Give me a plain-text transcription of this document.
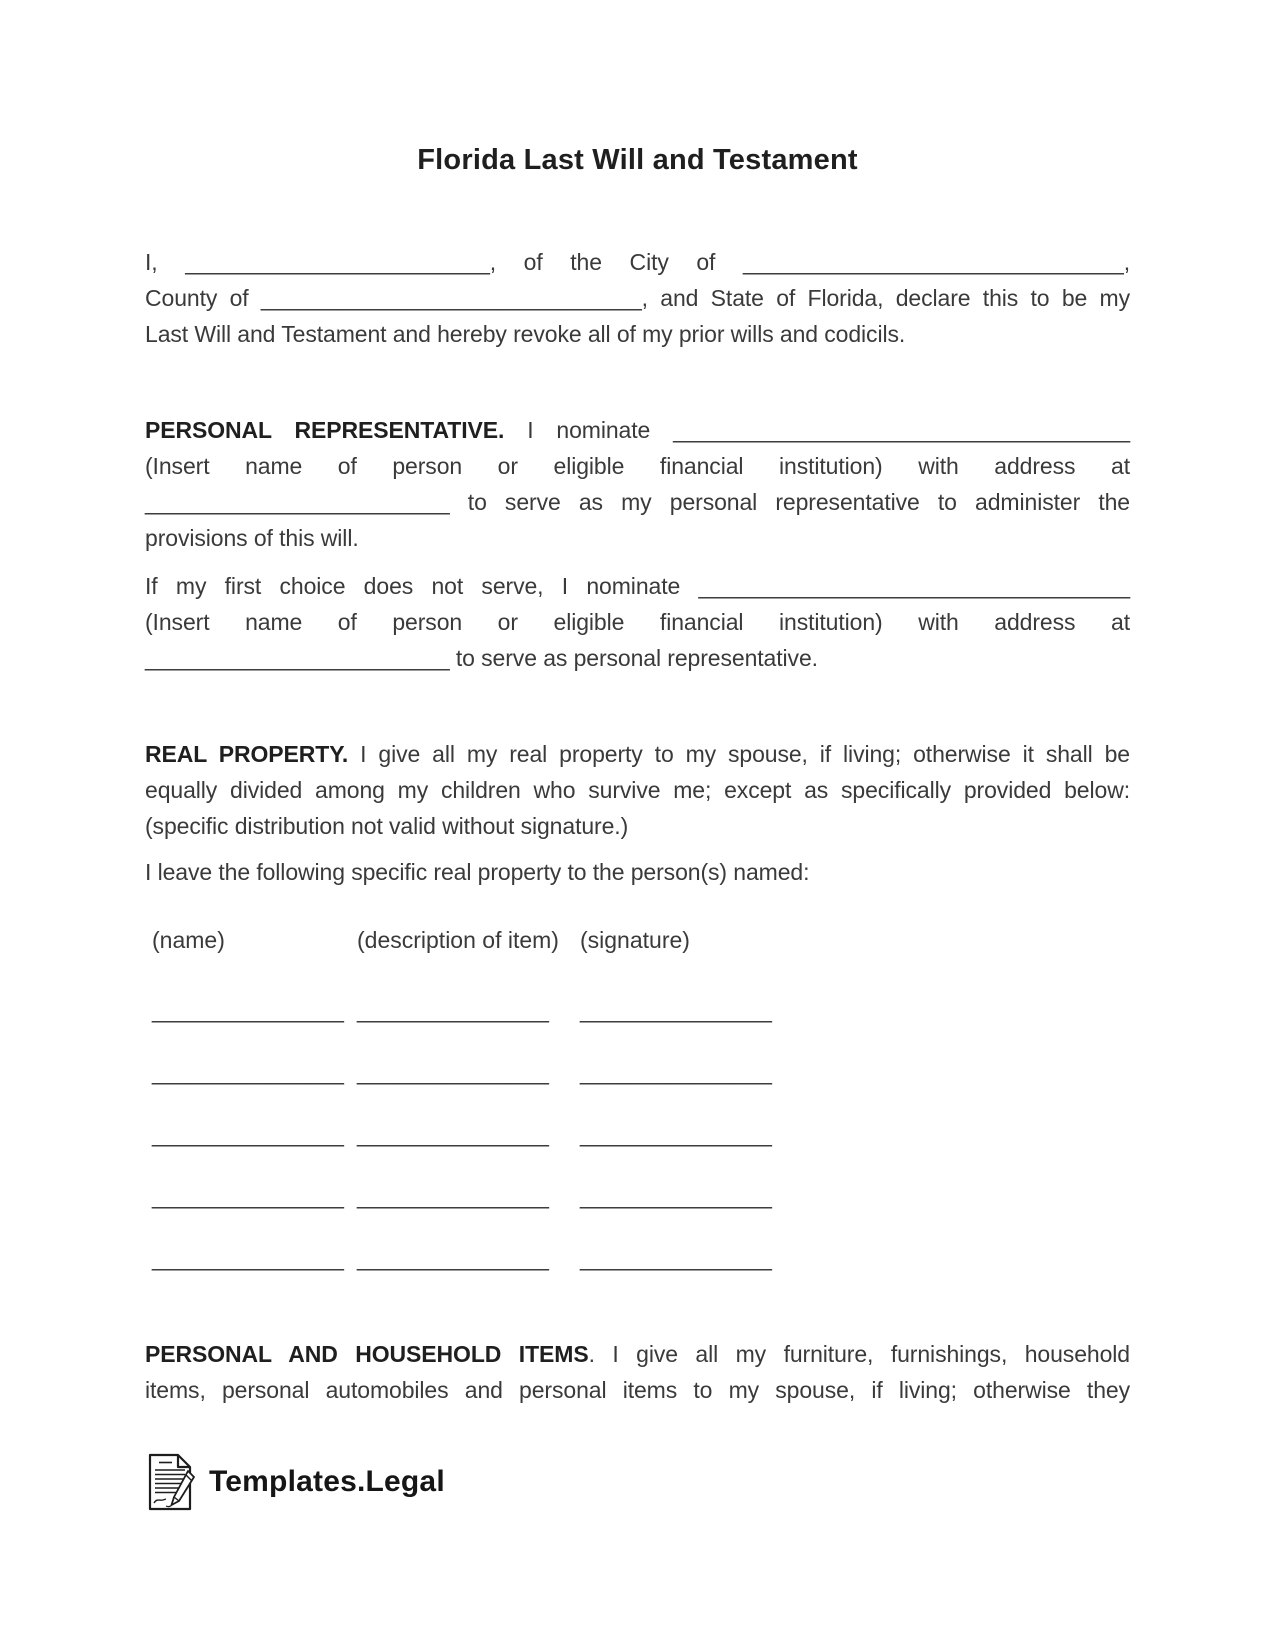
Florida Last Will and Testament
I, ________________________, of the City of ______________________________,
County of ______________________________, and State of Florida, declare this to be my
Last Will and Testament and hereby revoke all of my prior wills and codicils.
PERSONAL REPRESENTATIVE. I nominate ____________________________________
(Insert name of person or eligible financial institution) with address at
________________________ to serve as my personal representative to administer the
provisions of this will.
If my first choice does not serve, I nominate __________________________________
(Insert name of person or eligible financial institution) with address at
________________________ to serve as personal representative.
REAL PROPERTY. I give all my real property to my spouse, if living; otherwise it shall be
equally divided among my children who survive me; except as specifically provided below:
(specific distribution not valid without signature.)
I leave the following specific real property to the person(s) named:
(name)	(description of item) (signature)
_______________ _______________	_______________
_______________ _______________	_______________
_______________ _______________	_______________
_______________ _______________	_______________
_______________ _______________	_______________
PERSONAL AND HOUSEHOLD ITEMS. I give all my furniture, furnishings, household
items, personal automobiles and personal items to my spouse, if living; otherwise they
Templates.Legal
